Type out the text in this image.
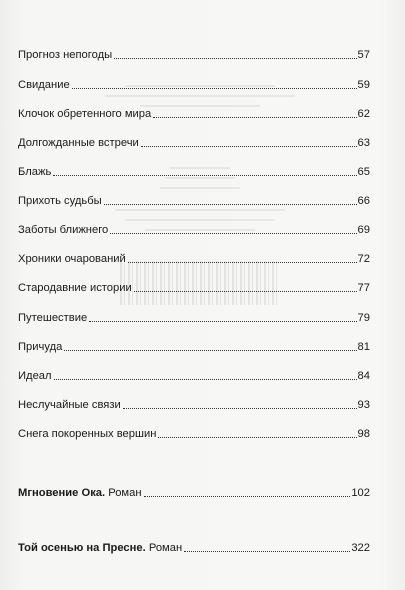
Прогноз непогоды	57
Свидание	59
Клочок обретенного мира	62
Долгожданные встречи	63
Блажь	65
Прихоть судьбы	66
Заботы ближнего	69
Хроники очарований	72
Стародавние истории	77
Путешествие	79
Причуда	81
Идеал	84
Неслучайные связи	93
Снега покоренных вершин	98
Мгновение Ока. Роман	102
Той осенью на Пресне. Роман	322
